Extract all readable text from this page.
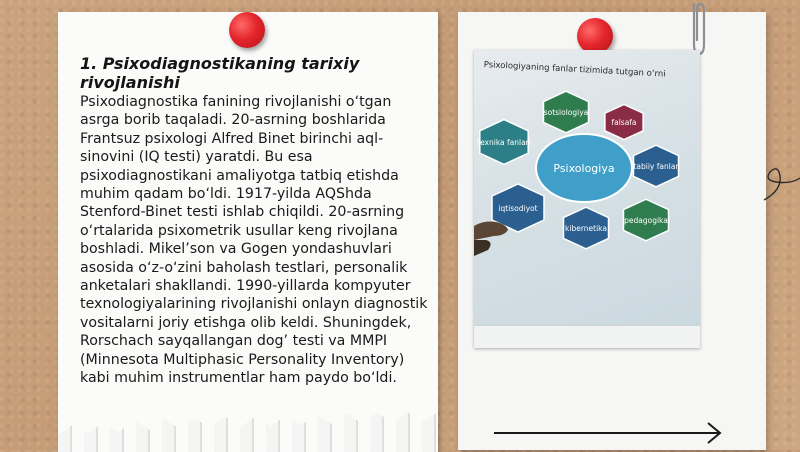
1. Psixodiagnostikaning tarixiy rivojlanishi

Psixodiagnostika fanining rivojlanishi o‘tgan asrga borib taqaladi. 20-asrning boshlarida Frantsuz psixologi Alfred Binet birinchi aql-sinovini (IQ testi) yaratdi. Bu esa psixodiagnostikani amaliyotga tatbiq etishda muhim qadam bo‘ldi. 1917-yilda AQShda Stenford-Binet testi ishlab chiqildi. 20-asrning o‘rtalarida psixometrik usullar keng rivojlana boshladi. Mikel’son va Gogen yondashuvlari asosida o‘z-o‘zini baholash testlari, personalik anketalari shakllandi. 1990-yillarda kompyuter texnologiyalarining rivojlanishi onlayn diagnostik vositalarni joriy etishga olib keldi. Shuningdek, Rorschach sayqallangan dog’ testi va MMPI (Minnesota Multiphasic Personality Inventory) kabi muhim instrumentlar ham paydo bo‘ldi.

Psixologiyaning fanlar tizimida tutgan o‘rni
sotsiologiya
falsafa
tabiiy fanlar
pedagogika
kibernetika
iqtisodiyot
texnika fanlari
Psixologiya
